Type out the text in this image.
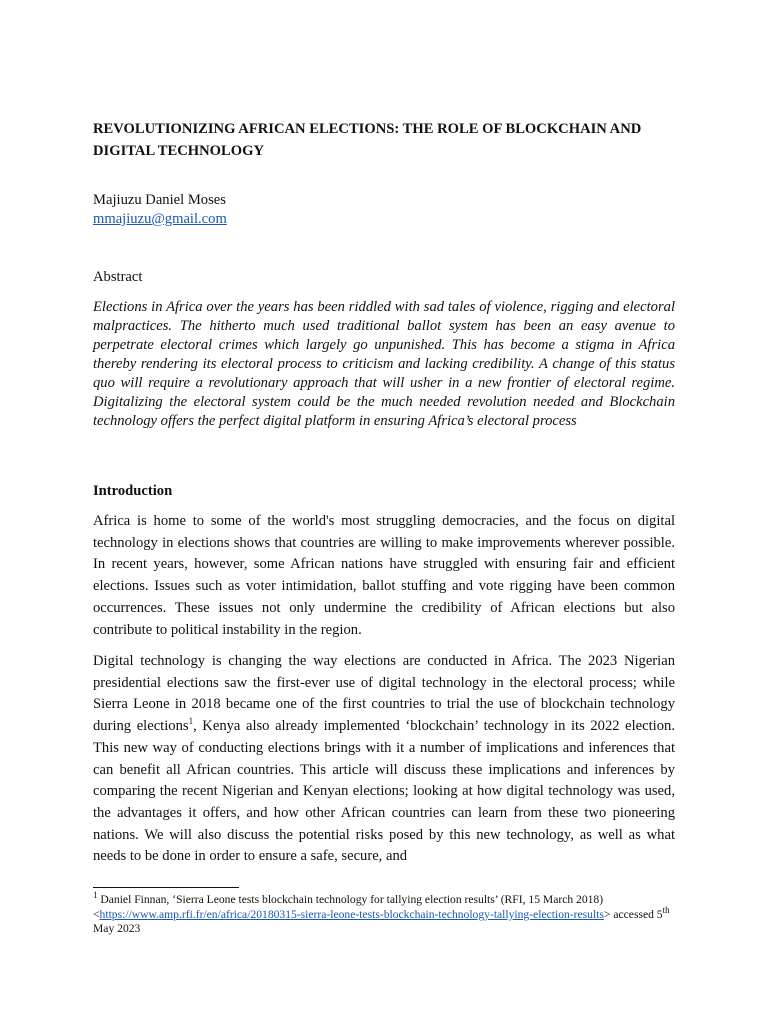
REVOLUTIONIZING AFRICAN ELECTIONS: THE ROLE OF BLOCKCHAIN AND DIGITAL TECHNOLOGY

Majiuzu Daniel Moses

mmajiuzu@gmail.com

Abstract

Elections in Africa over the years has been riddled with sad tales of violence, rigging and electoral malpractices. The hitherto much used traditional ballot system has been an easy avenue to perpetrate electoral crimes which largely go unpunished. This has become a stigma in Africa thereby rendering its electoral process to criticism and lacking credibility. A change of this status quo will require a revolutionary approach that will usher in a new frontier of electoral regime. Digitalizing the electoral system could be the much needed revolution needed and Blockchain technology offers the perfect digital platform in ensuring Africa’s electoral process

Introduction

Africa is home to some of the world's most struggling democracies, and the focus on digital technology in elections shows that countries are willing to make improvements wherever possible. In recent years, however, some African nations have struggled with ensuring fair and efficient elections. Issues such as voter intimidation, ballot stuffing and vote rigging have been common occurrences. These issues not only undermine the credibility of African elections but also contribute to political instability in the region.

Digital technology is changing the way elections are conducted in Africa. The 2023 Nigerian presidential elections saw the first-ever use of digital technology in the electoral process; while Sierra Leone in 2018 became one of the first countries to trial the use of blockchain technology during elections$^1$, Kenya also already implemented ‘blockchain’ technology in its 2022 election. This new way of conducting elections brings with it a number of implications and inferences that can benefit all African countries. This article will discuss these implications and inferences by comparing the recent Nigerian and Kenyan elections; looking at how digital technology was used, the advantages it offers, and how other African countries can learn from these two pioneering nations. We will also discuss the potential risks posed by this new technology, as well as what needs to be done in order to ensure a safe, secure, and

$^1$ Daniel Finnan, ‘Sierra Leone tests blockchain technology for tallying election results’ (RFI, 15 March 2018) <https://www.amp.rfi.fr/en/africa/20180315-sierra-leone-tests-blockchain-technology-tallying-election-results> accessed 5th May 2023
